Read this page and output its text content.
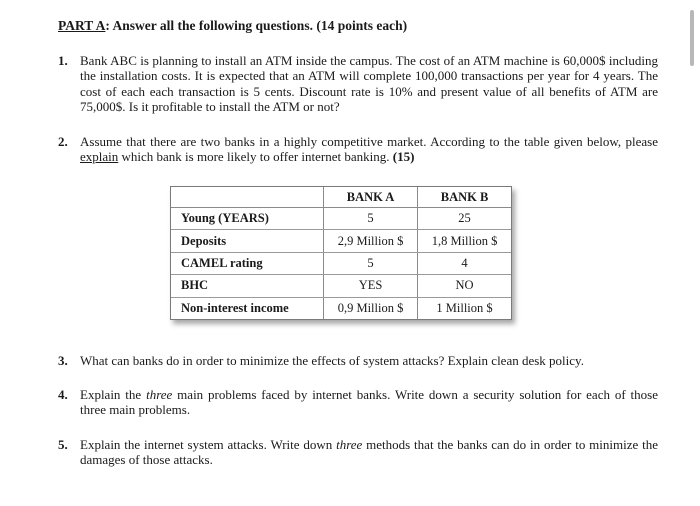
PART A: Answer all the following questions. (14 points each)
1. Bank ABC is planning to install an ATM inside the campus. The cost of an ATM machine is 60,000$ including the installation costs. It is expected that an ATM will complete 100,000 transactions per year for 4 years. The cost of each each transaction is 5 cents. Discount rate is 10% and present value of all benefits of ATM are 75,000$. Is it profitable to install the ATM or not?
2. Assume that there are two banks in a highly competitive market. According to the table given below, please explain which bank is more likely to offer internet banking. (15)
	BANK A	BANK B
Young (YEARS)	5	25
Deposits	2,9 Million $	1,8 Million $
CAMEL rating	5	4
BHC	YES	NO
Non-interest income	0,9 Million $	1 Million $
3. What can banks do in order to minimize the effects of system attacks? Explain clean desk policy.
4. Explain the three main problems faced by internet banks. Write down a security solution for each of those three main problems.
5. Explain the internet system attacks. Write down three methods that the banks can do in order to minimize the damages of those attacks.
